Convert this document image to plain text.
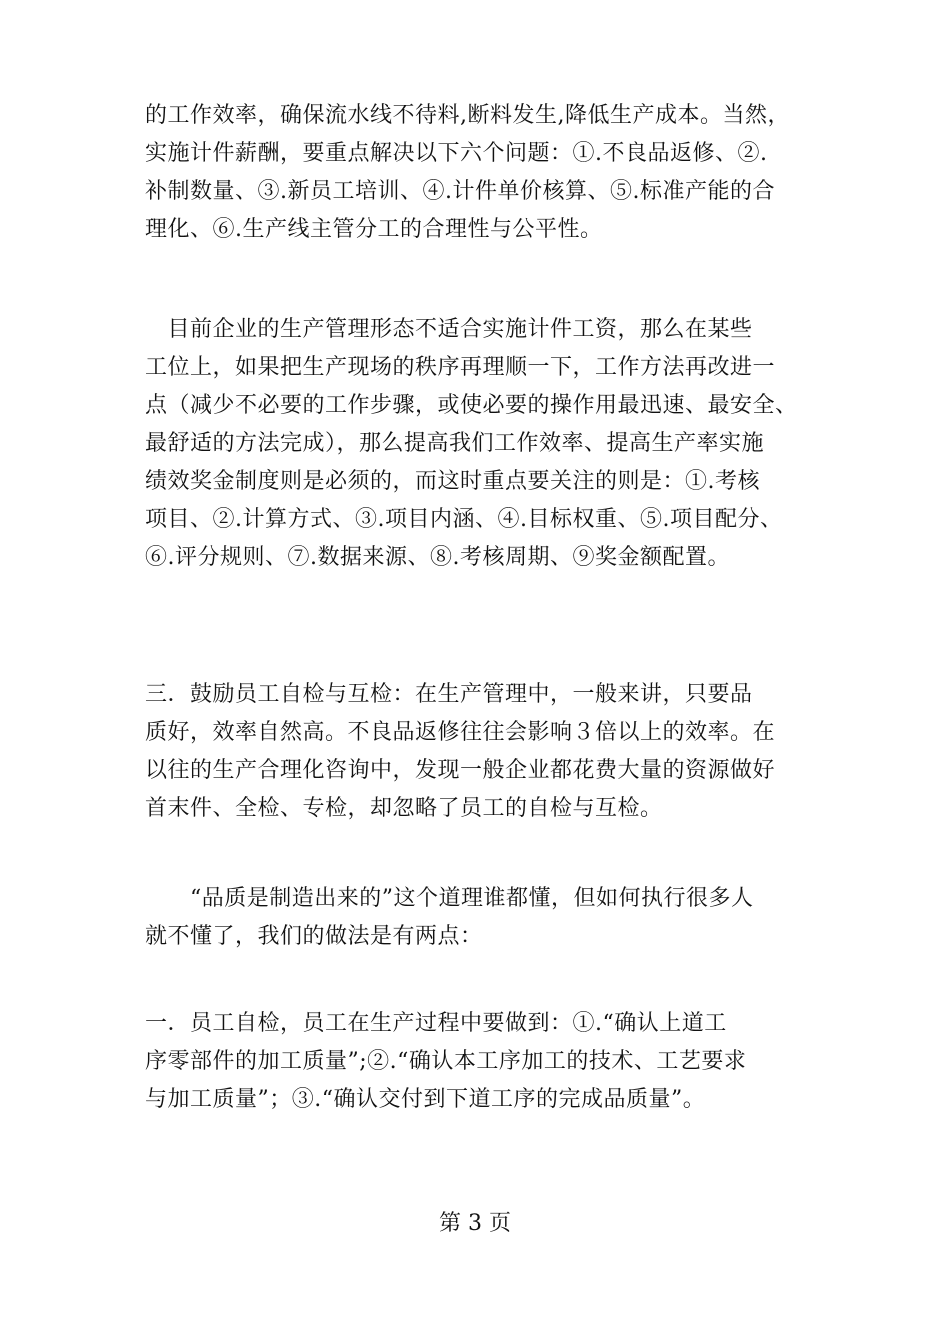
的工作效率，确保流水线不待料,断料发生,降低生产成本。当然，
实施计件薪酬，要重点解决以下六个问题：①.不良品返修、②.
补制数量、③.新员工培训、④.计件单价核算、⑤.标准产能的合
理化、⑥.生产线主管分工的合理性与公平性。

　目前企业的生产管理形态不适合实施计件工资，那么在某些
工位上，如果把生产现场的秩序再理顺一下，工作方法再改进一
点（减少不必要的工作步骤，或使必要的操作用最迅速、最安全、
最舒适的方法完成），那么提高我们工作效率、提高生产率实施
绩效奖金制度则是必须的，而这时重点要关注的则是：①.考核
项目、②.计算方式、③.项目内涵、④.目标权重、⑤.项目配分、
⑥.评分规则、⑦.数据来源、⑧.考核周期、⑨奖金额配置。

三．鼓励员工自检与互检：在生产管理中，一般来讲，只要品
质好，效率自然高。不良品返修往往会影响３倍以上的效率。在
以往的生产合理化咨询中，发现一般企业都花费大量的资源做好
首末件、全检、专检，却忽略了员工的自检与互检。

　　“品质是制造出来的”这个道理谁都懂，但如何执行很多人
就不懂了，我们的做法是有两点：

一．员工自检，员工在生产过程中要做到：①.“确认上道工
序零部件的加工质量”;②.“确认本工序加工的技术、工艺要求
与加工质量”；③.“确认交付到下道工序的完成品质量”。

第 3 页
